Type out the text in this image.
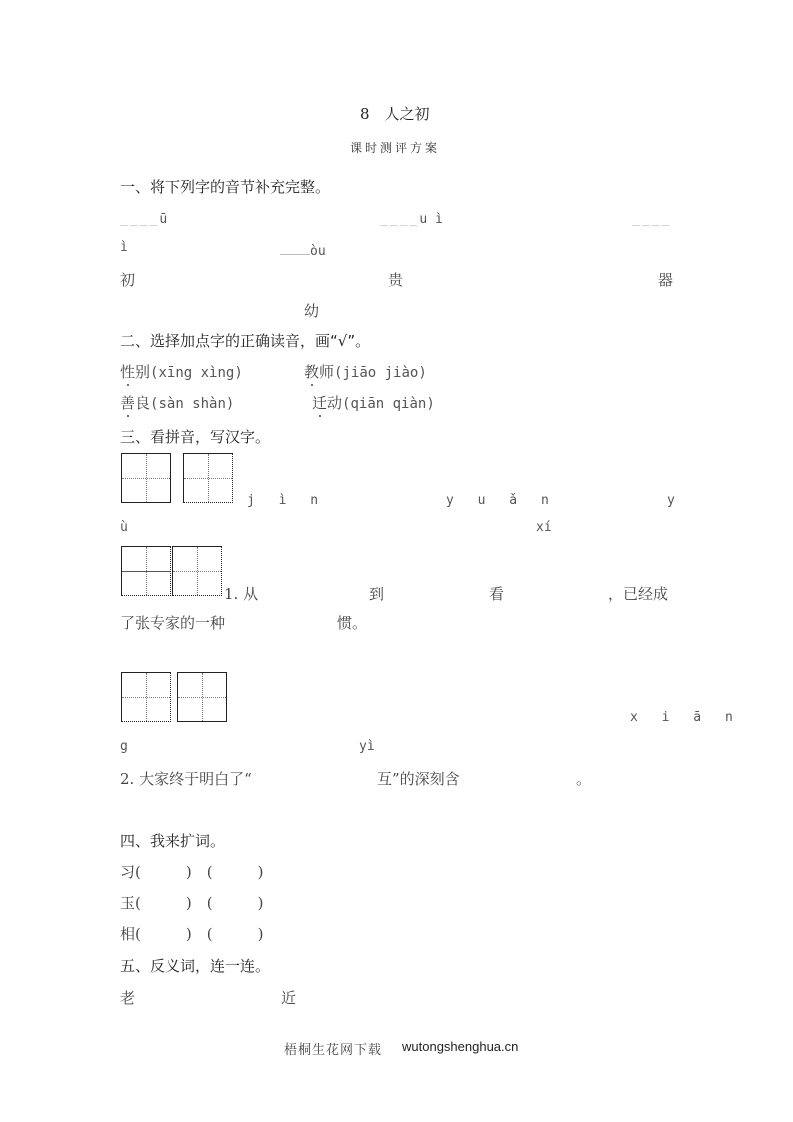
8　人之初
课时测评方案
一、将下列字的音节补充完整。
____ū	____u ì	____
ì	òu
初	贵	器
幼
二、选择加点字的正确读音，画“√”。
性别(xīng xìng)	教师(jiāo jiào)
善良(sàn shàn)	迁动(qiān qiàn)
三、看拼音，写汉字。
j ì n	y u ǎ n	y
ù	xí
1. 从	到	看	，已经成
了张专家的一种	惯。
x i ā n
g	yì
2. 大家终于明白了“	互”的深刻含	。
四、我来扩词。
习(　　　)　(　　　)
玉(　　　)　(　　　)
相(　　　)　(　　　)
五、反义词，连一连。
老	近
梧桐生花网下载 wutongshenghua.cn
